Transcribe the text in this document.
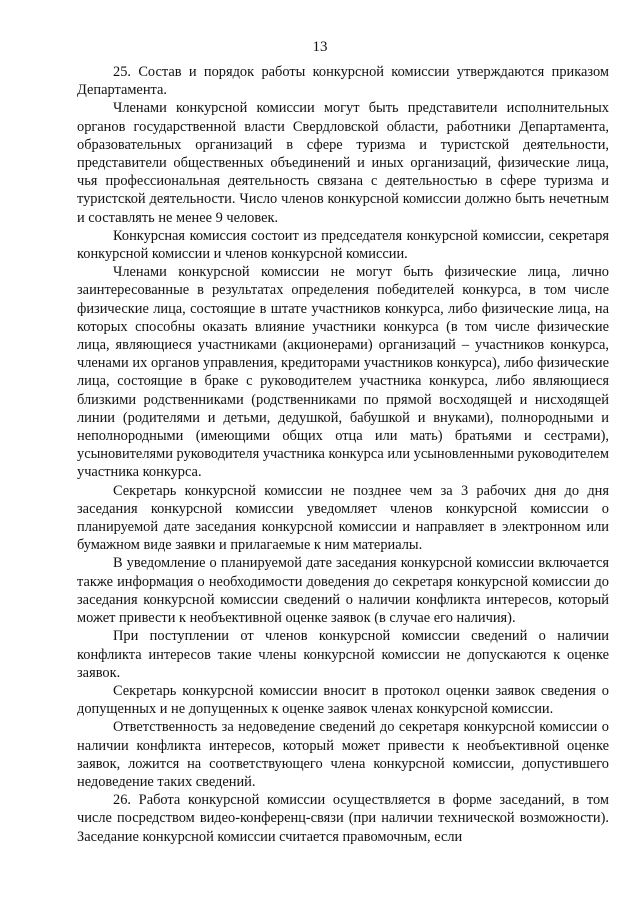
13

25. Состав и порядок работы конкурсной комиссии утверждаются приказом Департамента.

Членами конкурсной комиссии могут быть представители исполнительных органов государственной власти Свердловской области, работники Департамента, образовательных организаций в сфере туризма и туристской деятельности, представители общественных объединений и иных организаций, физические лица, чья профессиональная деятельность связана с деятельностью в сфере туризма и туристской деятельности. Число членов конкурсной комиссии должно быть нечетным и составлять не менее 9 человек.

Конкурсная комиссия состоит из председателя конкурсной комиссии, секретаря конкурсной комиссии и членов конкурсной комиссии.

Членами конкурсной комиссии не могут быть физические лица, лично заинтересованные в результатах определения победителей конкурса, в том числе физические лица, состоящие в штате участников конкурса, либо физические лица, на которых способны оказать влияние участники конкурса (в том числе физические лица, являющиеся участниками (акционерами) организаций – участников конкурса, членами их органов управления, кредиторами участников конкурса), либо физические лица, состоящие в браке с руководителем участника конкурса, либо являющиеся близкими родственниками (родственниками по прямой восходящей и нисходящей линии (родителями и детьми, дедушкой, бабушкой и внуками), полнородными и неполнородными (имеющими общих отца или мать) братьями и сестрами), усыновителями руководителя участника конкурса или усыновленными руководителем участника конкурса.

Секретарь конкурсной комиссии не позднее чем за 3 рабочих дня до дня заседания конкурсной комиссии уведомляет членов конкурсной комиссии о планируемой дате заседания конкурсной комиссии и направляет в электронном или бумажном виде заявки и прилагаемые к ним материалы.

В уведомление о планируемой дате заседания конкурсной комиссии включается также информация о необходимости доведения до секретаря конкурсной комиссии до заседания конкурсной комиссии сведений о наличии конфликта интересов, который может привести к необъективной оценке заявок (в случае его наличия).

При поступлении от членов конкурсной комиссии сведений о наличии конфликта интересов такие члены конкурсной комиссии не допускаются к оценке заявок.

Секретарь конкурсной комиссии вносит в протокол оценки заявок сведения о допущенных и не допущенных к оценке заявок членах конкурсной комиссии.

Ответственность за недоведение сведений до секретаря конкурсной комиссии о наличии конфликта интересов, который может привести к необъективной оценке заявок, ложится на соответствующего члена конкурсной комиссии, допустившего недоведение таких сведений.

26. Работа конкурсной комиссии осуществляется в форме заседаний, в том числе посредством видео-конференц-связи (при наличии технической возможности). Заседание конкурсной комиссии считается правомочным, если
